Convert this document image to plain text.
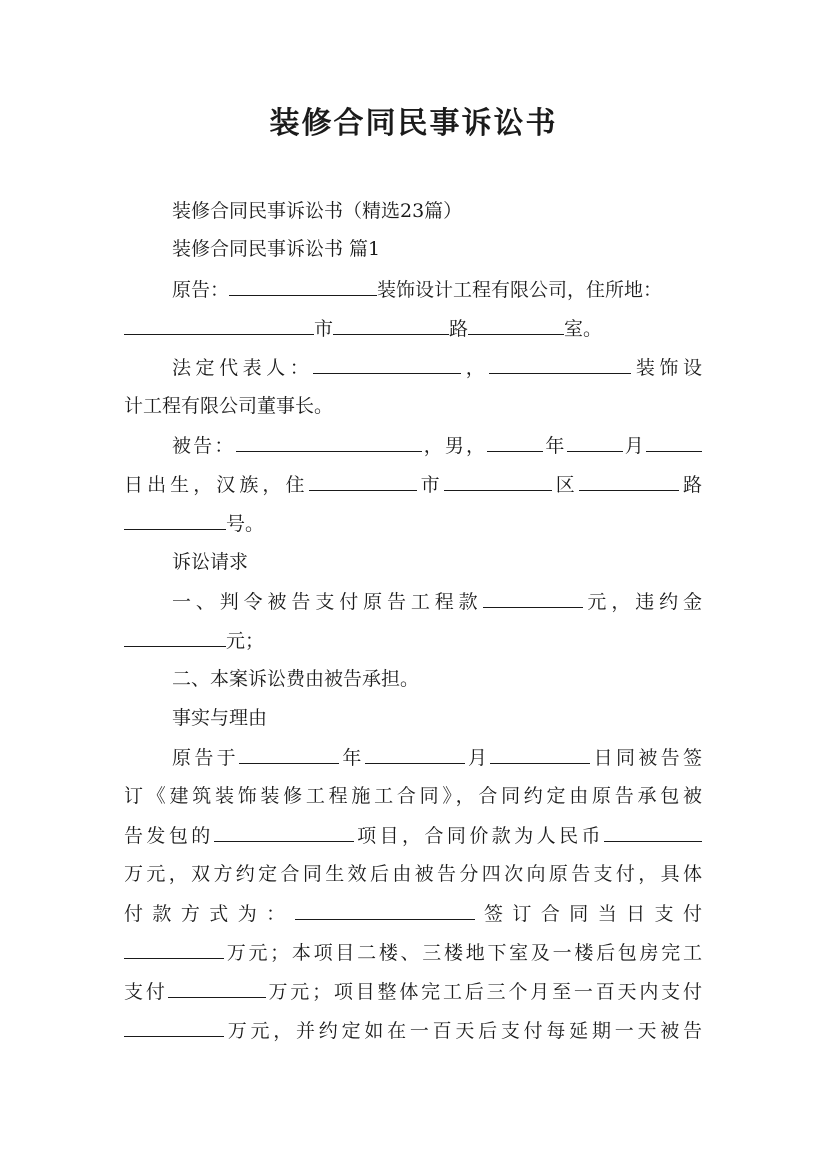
装修合同民事诉讼书
装修合同民事诉讼书（精选23篇）
装修合同民事诉讼书 篇1
原告：	装饰设计工程有限公司，住所地：
市	路	室。
法定代表人：	，	装饰设
计工程有限公司董事长。
被告：	，男，	年	月
日出生，汉族，住	市	区	路
号。
诉讼请求
一、判令被告支付原告工程款	元，违约金
元；
二、本案诉讼费由被告承担。
事实与理由
原告于	年	月	日同被告签
订《建筑装饰装修工程施工合同》，合同约定由原告承包被
告发包的	项目，合同价款为人民币
万元，双方约定合同生效后由被告分四次向原告支付，具体
付款方式为：	签订合同当日支付
万元；本项目二楼、三楼地下室及一楼后包房完工
支付	万元；项目整体完工后三个月至一百天内支付
万元，并约定如在一百天后支付每延期一天被告
